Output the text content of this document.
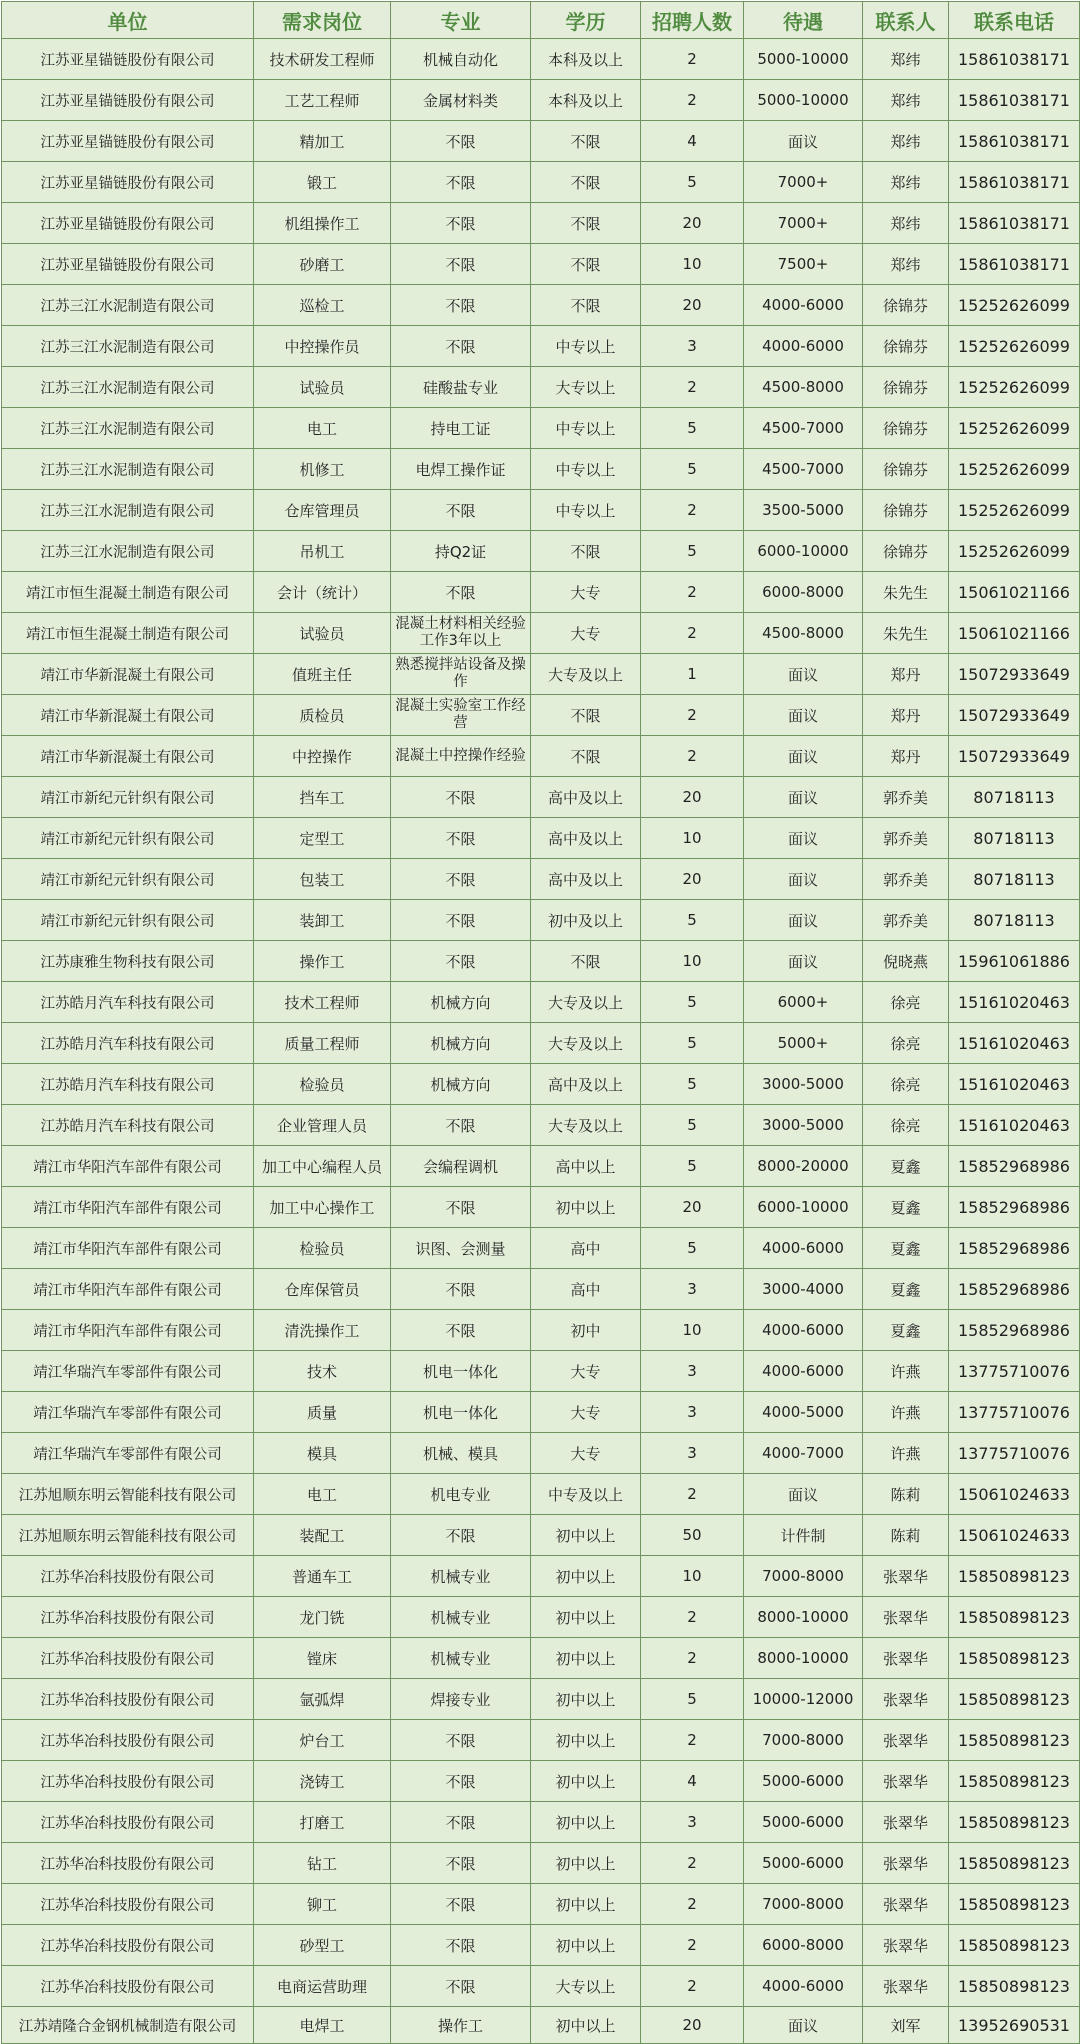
单位	需求岗位	专业	学历	招聘人数	待遇	联系人	联系电话
江苏亚星锚链股份有限公司	技术研发工程师	机械自动化	本科及以上	2	5000-10000	郑纬	15861038171
江苏亚星锚链股份有限公司	工艺工程师	金属材料类	本科及以上	2	5000-10000	郑纬	15861038171
江苏亚星锚链股份有限公司	精加工	不限	不限	4	面议	郑纬	15861038171
江苏亚星锚链股份有限公司	锻工	不限	不限	5	7000+	郑纬	15861038171
江苏亚星锚链股份有限公司	机组操作工	不限	不限	20	7000+	郑纬	15861038171
江苏亚星锚链股份有限公司	砂磨工	不限	不限	10	7500+	郑纬	15861038171
江苏三江水泥制造有限公司	巡检工	不限	不限	20	4000-6000	徐锦芬	15252626099
江苏三江水泥制造有限公司	中控操作员	不限	中专以上	3	4000-6000	徐锦芬	15252626099
江苏三江水泥制造有限公司	试验员	硅酸盐专业	大专以上	2	4500-8000	徐锦芬	15252626099
江苏三江水泥制造有限公司	电工	持电工证	中专以上	5	4500-7000	徐锦芬	15252626099
江苏三江水泥制造有限公司	机修工	电焊工操作证	中专以上	5	4500-7000	徐锦芬	15252626099
江苏三江水泥制造有限公司	仓库管理员	不限	中专以上	2	3500-5000	徐锦芬	15252626099
江苏三江水泥制造有限公司	吊机工	持Q2证	不限	5	6000-10000	徐锦芬	15252626099
靖江市恒生混凝土制造有限公司	会计（统计）	不限	大专	2	6000-8000	朱先生	15061021166
靖江市恒生混凝土制造有限公司	试验员	混凝土材料相关经验工作3年以上	大专	2	4500-8000	朱先生	15061021166
靖江市华新混凝土有限公司	值班主任	熟悉搅拌站设备及操作	大专及以上	1	面议	郑丹	15072933649
靖江市华新混凝土有限公司	质检员	混凝土实验室工作经营	不限	2	面议	郑丹	15072933649
靖江市华新混凝土有限公司	中控操作	混凝土中控操作经验	不限	2	面议	郑丹	15072933649
靖江市新纪元针织有限公司	挡车工	不限	高中及以上	20	面议	郭乔美	80718113
靖江市新纪元针织有限公司	定型工	不限	高中及以上	10	面议	郭乔美	80718113
靖江市新纪元针织有限公司	包装工	不限	高中及以上	20	面议	郭乔美	80718113
靖江市新纪元针织有限公司	装卸工	不限	初中及以上	5	面议	郭乔美	80718113
江苏康雅生物科技有限公司	操作工	不限	不限	10	面议	倪晓燕	15961061886
江苏皓月汽车科技有限公司	技术工程师	机械方向	大专及以上	5	6000+	徐亮	15161020463
江苏皓月汽车科技有限公司	质量工程师	机械方向	大专及以上	5	5000+	徐亮	15161020463
江苏皓月汽车科技有限公司	检验员	机械方向	高中及以上	5	3000-5000	徐亮	15161020463
江苏皓月汽车科技有限公司	企业管理人员	不限	大专及以上	5	3000-5000	徐亮	15161020463
靖江市华阳汽车部件有限公司	加工中心编程人员	会编程调机	高中以上	5	8000-20000	夏鑫	15852968986
靖江市华阳汽车部件有限公司	加工中心操作工	不限	初中以上	20	6000-10000	夏鑫	15852968986
靖江市华阳汽车部件有限公司	检验员	识图、会测量	高中	5	4000-6000	夏鑫	15852968986
靖江市华阳汽车部件有限公司	仓库保管员	不限	高中	3	3000-4000	夏鑫	15852968986
靖江市华阳汽车部件有限公司	清洗操作工	不限	初中	10	4000-6000	夏鑫	15852968986
靖江华瑞汽车零部件有限公司	技术	机电一体化	大专	3	4000-6000	许燕	13775710076
靖江华瑞汽车零部件有限公司	质量	机电一体化	大专	3	4000-5000	许燕	13775710076
靖江华瑞汽车零部件有限公司	模具	机械、模具	大专	3	4000-7000	许燕	13775710076
江苏旭顺东明云智能科技有限公司	电工	机电专业	中专及以上	2	面议	陈莉	15061024633
江苏旭顺东明云智能科技有限公司	装配工	不限	初中以上	50	计件制	陈莉	15061024633
江苏华冶科技股份有限公司	普通车工	机械专业	初中以上	10	7000-8000	张翠华	15850898123
江苏华冶科技股份有限公司	龙门铣	机械专业	初中以上	2	8000-10000	张翠华	15850898123
江苏华冶科技股份有限公司	镗床	机械专业	初中以上	2	8000-10000	张翠华	15850898123
江苏华冶科技股份有限公司	氩弧焊	焊接专业	初中以上	5	10000-12000	张翠华	15850898123
江苏华冶科技股份有限公司	炉台工	不限	初中以上	2	7000-8000	张翠华	15850898123
江苏华冶科技股份有限公司	浇铸工	不限	初中以上	4	5000-6000	张翠华	15850898123
江苏华冶科技股份有限公司	打磨工	不限	初中以上	3	5000-6000	张翠华	15850898123
江苏华冶科技股份有限公司	钻工	不限	初中以上	2	5000-6000	张翠华	15850898123
江苏华冶科技股份有限公司	铆工	不限	初中以上	2	7000-8000	张翠华	15850898123
江苏华冶科技股份有限公司	砂型工	不限	初中以上	2	6000-8000	张翠华	15850898123
江苏华冶科技股份有限公司	电商运营助理	不限	大专以上	2	4000-6000	张翠华	15850898123
江苏靖隆合金钢机械制造有限公司	电焊工	操作工	初中以上	20	面议	刘军	13952690531
